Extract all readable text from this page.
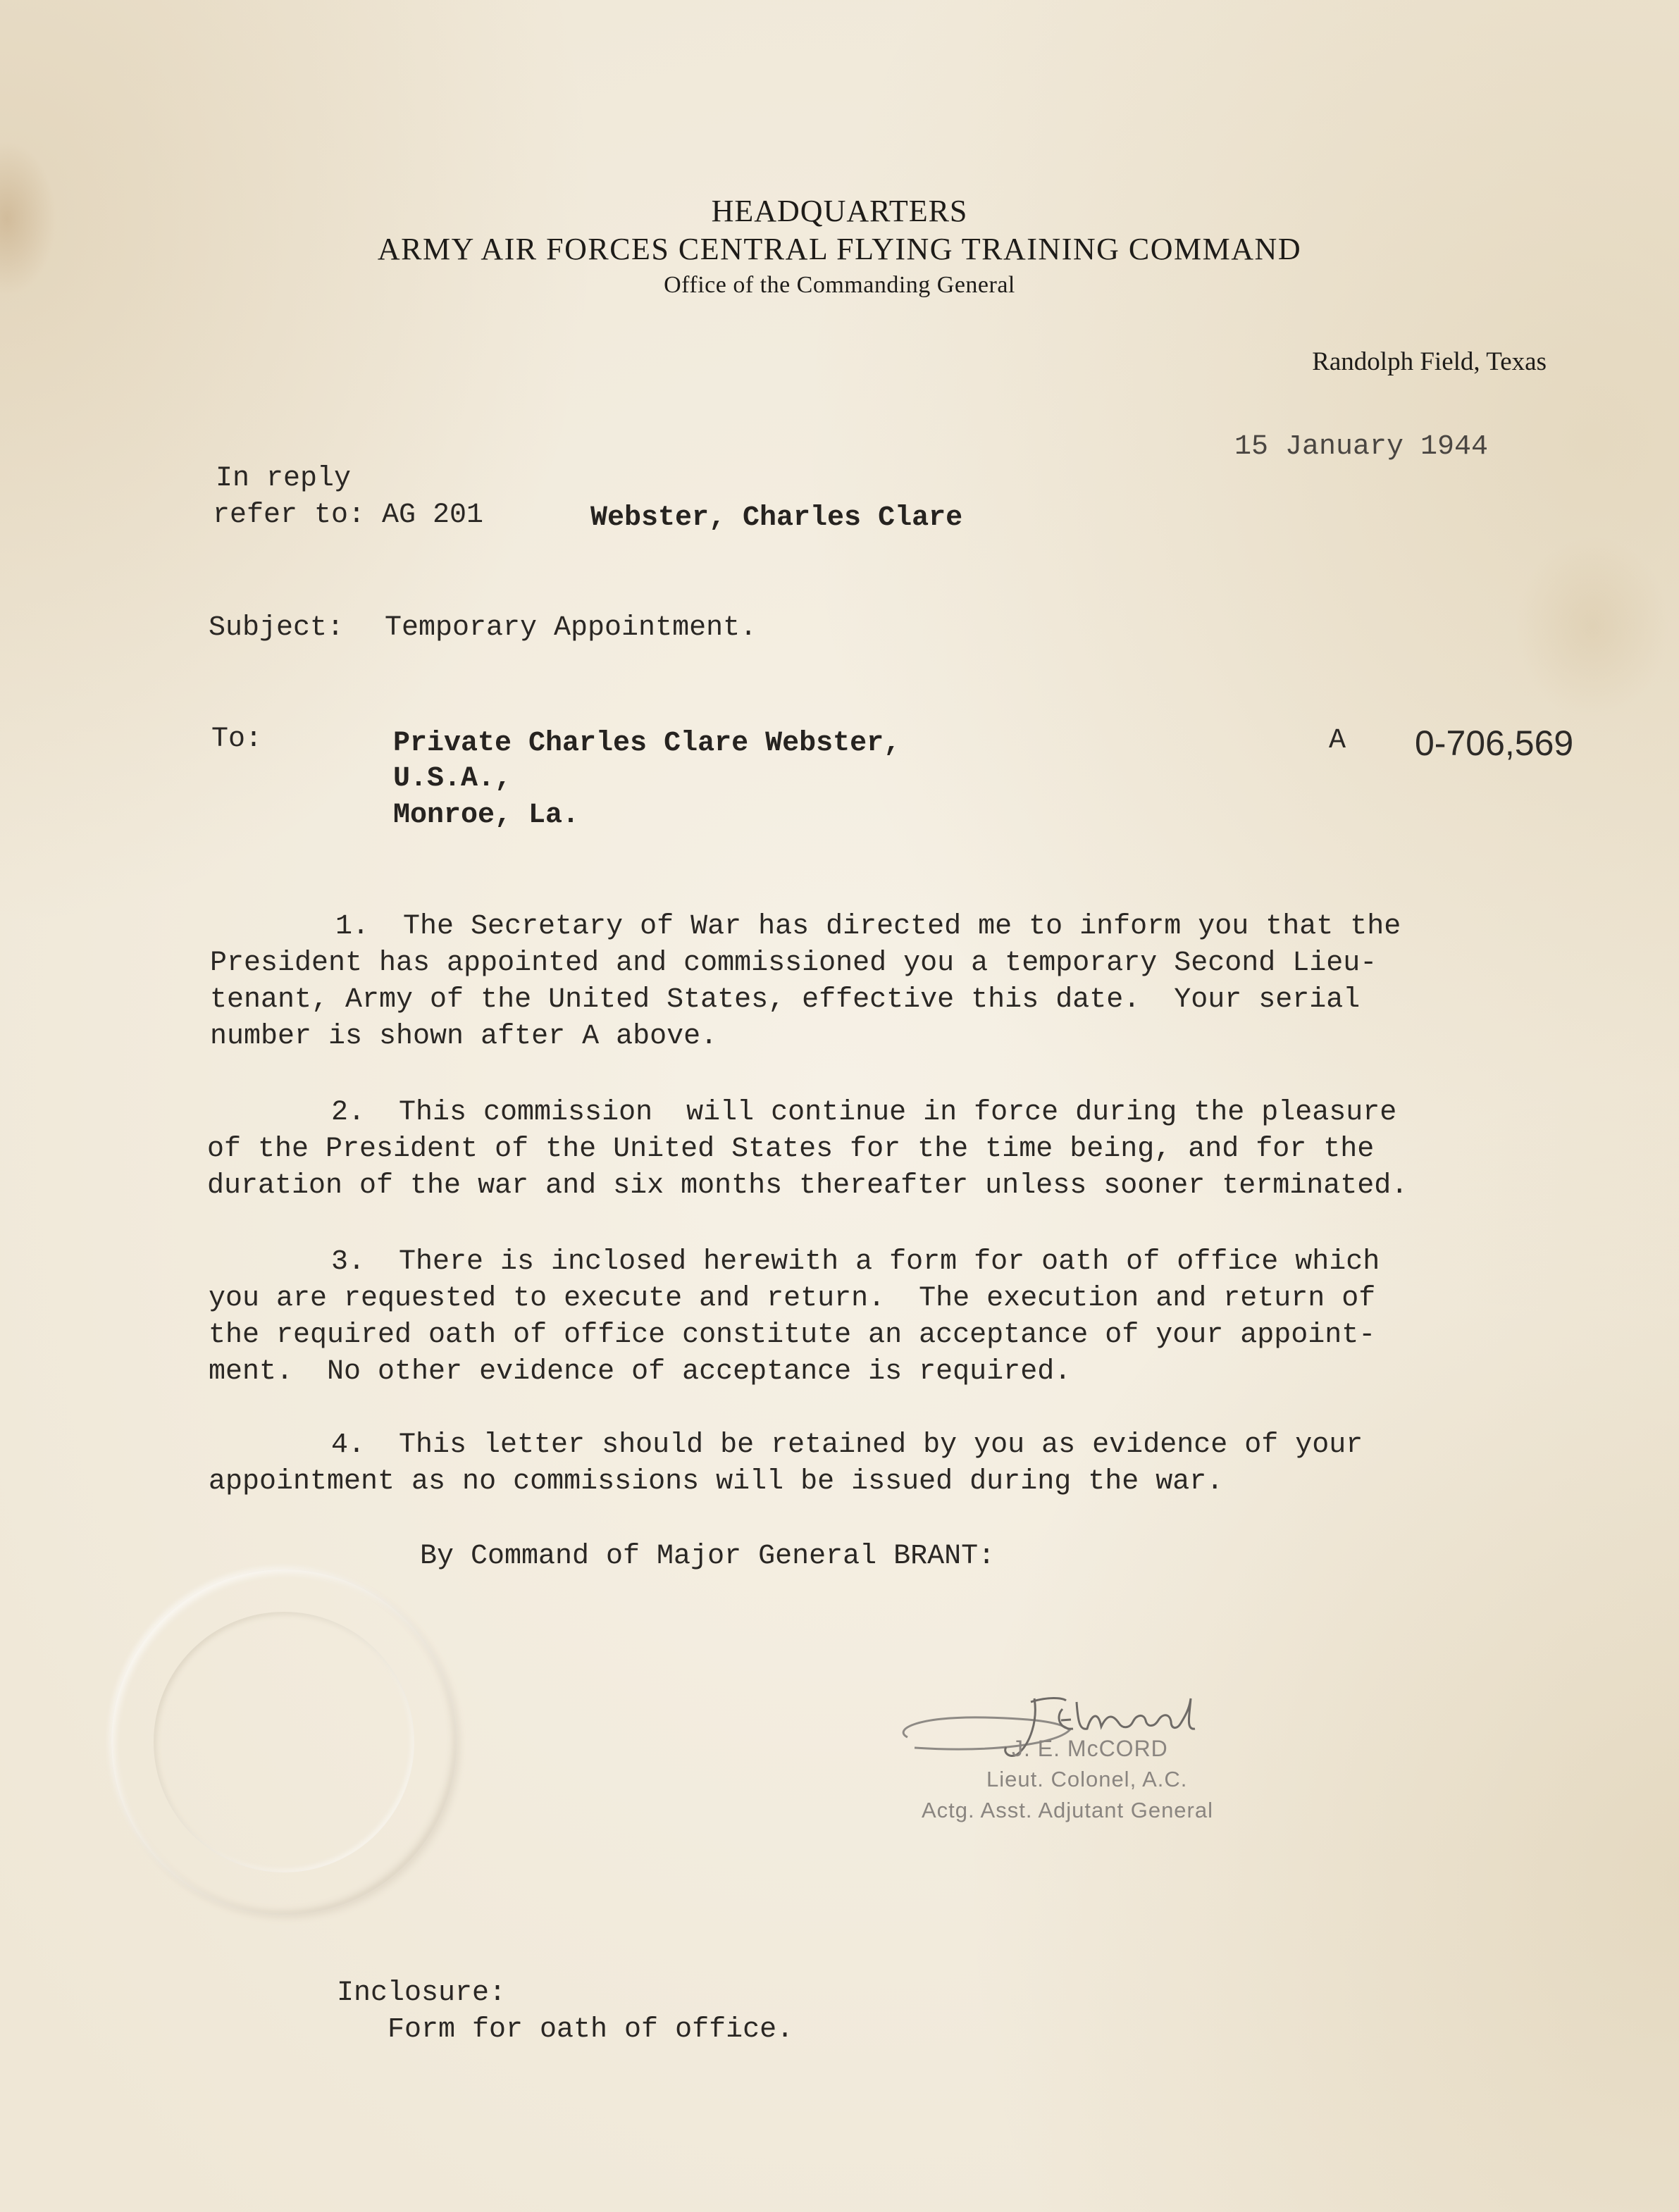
HEADQUARTERS
ARMY AIR FORCES CENTRAL FLYING TRAINING COMMAND
Office of the Commanding General
Randolph Field, Texas
15 January 1944
In reply
refer to: AG 201	Webster, Charles Clare
Subject: Temporary Appointment.
To:	Private Charles Clare Webster,
U.S.A.,
Monroe, La.
A 0-706,569
1.  The Secretary of War has directed me to inform you that the
President has appointed and commissioned you a temporary Second Lieu-
tenant, Army of the United States, effective this date.  Your serial
number is shown after A above.
2.  This commission  will continue in force during the pleasure
of the President of the United States for the time being, and for the
duration of the war and six months thereafter unless sooner terminated.
3.  There is inclosed herewith a form for oath of office which
you are requested to execute and return.  The execution and return of
the required oath of office constitute an acceptance of your appoint-
ment.  No other evidence of acceptance is required.
4.  This letter should be retained by you as evidence of your
appointment as no commissions will be issued during the war.
By Command of Major General BRANT:
J. E. McCORD
Lieut. Colonel, A.C.
Actg. Asst. Adjutant General
Inclosure:
Form for oath of office.
